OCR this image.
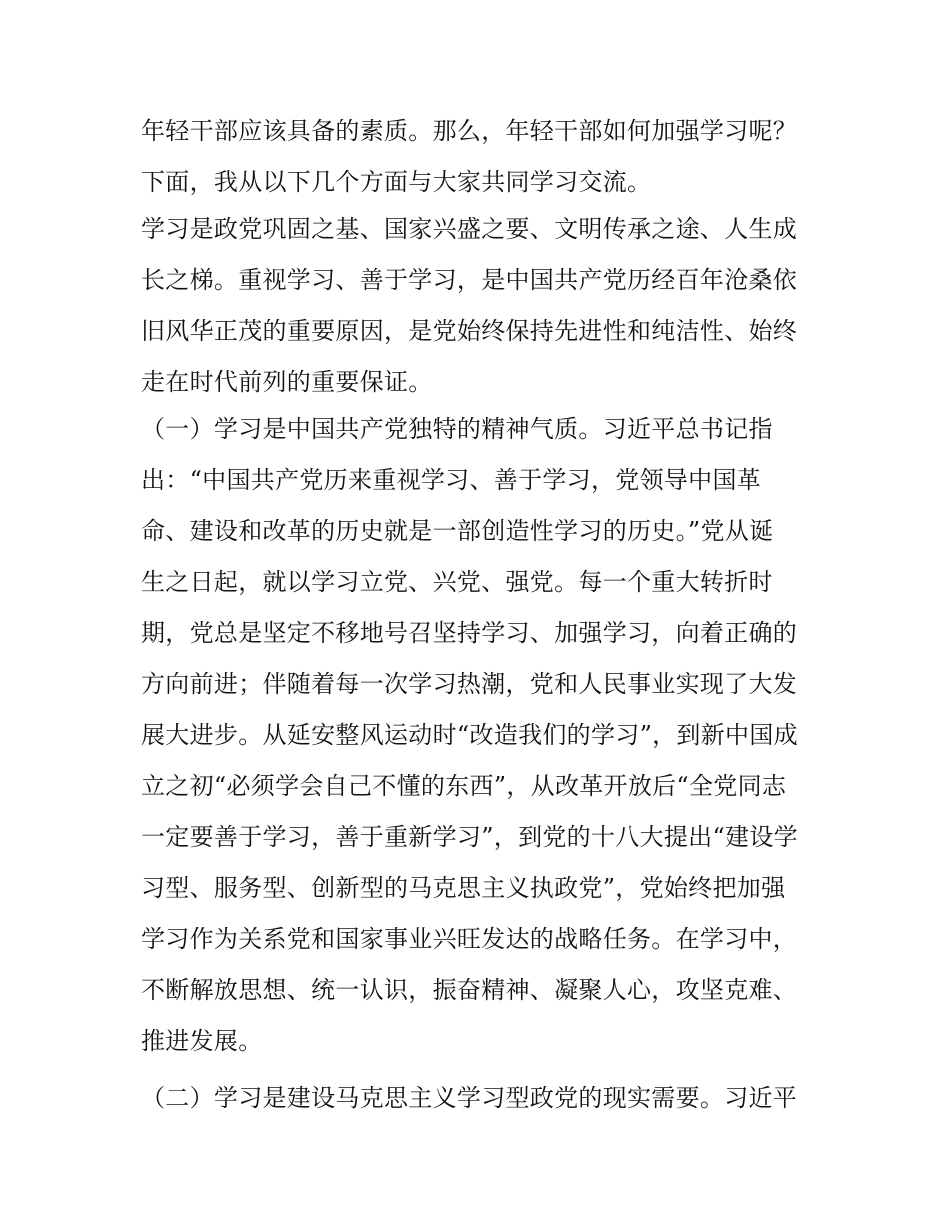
年轻干部应该具备的素质。那么，年轻干部如何加强学习呢？
下面，我从以下几个方面与大家共同学习交流。
学习是政党巩固之基、国家兴盛之要、文明传承之途、人生成
长之梯。重视学习、善于学习，是中国共产党历经百年沧桑依
旧风华正茂的重要原因，是党始终保持先进性和纯洁性、始终
走在时代前列的重要保证。
（一）学习是中国共产党独特的精神气质。习近平总书记指
出：“中国共产党历来重视学习、善于学习，党领导中国革
命、建设和改革的历史就是一部创造性学习的历史。”党从诞
生之日起，就以学习立党、兴党、强党。每一个重大转折时
期，党总是坚定不移地号召坚持学习、加强学习，向着正确的
方向前进；伴随着每一次学习热潮，党和人民事业实现了大发
展大进步。从延安整风运动时“改造我们的学习”，到新中国成
立之初“必须学会自己不懂的东西”，从改革开放后“全党同志
一定要善于学习，善于重新学习”，到党的十八大提出“建设学
习型、服务型、创新型的马克思主义执政党”，党始终把加强
学习作为关系党和国家事业兴旺发达的战略任务。在学习中，
不断解放思想、统一认识，振奋精神、凝聚人心，攻坚克难、
推进发展。
（二）学习是建设马克思主义学习型政党的现实需要。习近平
